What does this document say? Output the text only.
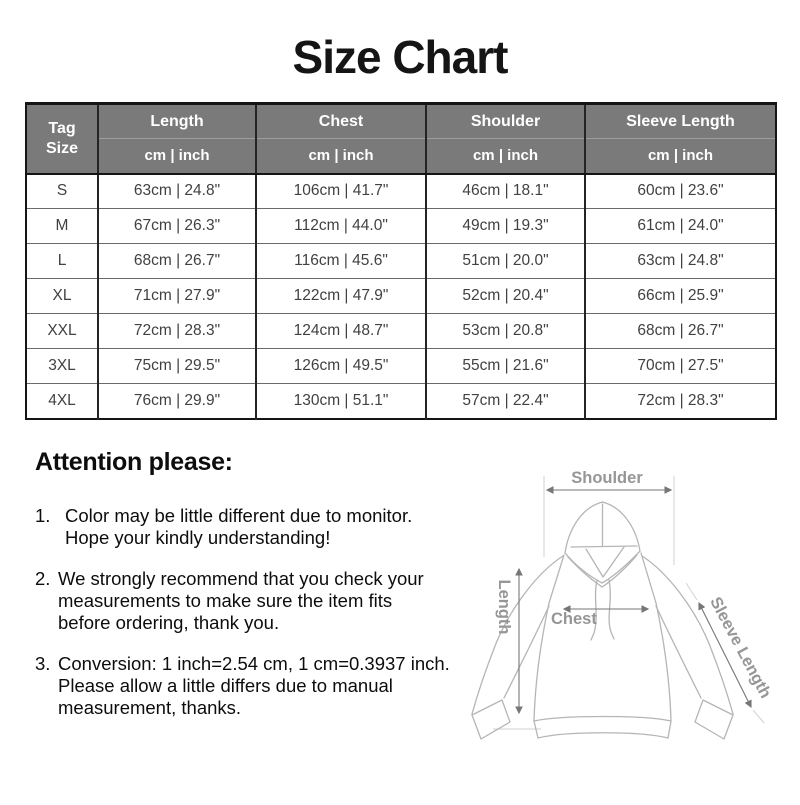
Size Chart
Tag Size	Length	Chest	Shoulder	Sleeve Length
	cm | inch	cm | inch	cm | inch	cm | inch
S	63cm | 24.8"	106cm | 41.7"	46cm | 18.1"	60cm | 23.6"
M	67cm | 26.3"	112cm | 44.0"	49cm | 19.3"	61cm | 24.0"
L	68cm | 26.7"	116cm | 45.6"	51cm | 20.0"	63cm | 24.8"
XL	71cm | 27.9"	122cm | 47.9"	52cm | 20.4"	66cm | 25.9"
XXL	72cm | 28.3"	124cm | 48.7"	53cm | 20.8"	68cm | 26.7"
3XL	75cm | 29.5"	126cm | 49.5"	55cm | 21.6"	70cm | 27.5"
4XL	76cm | 29.9"	130cm | 51.1"	57cm | 22.4"	72cm | 28.3"
Attention please:
1. Color may be little different due to monitor.
Hope your kindly understanding!
2. We strongly recommend that you check your
measurements to make sure the item fits
before ordering, thank you.
3. Conversion: 1 inch=2.54 cm, 1 cm=0.3937 inch.
Please allow a little differs due to manual
measurement, thanks.
Shoulder
Length Chest	Sleeve Length
